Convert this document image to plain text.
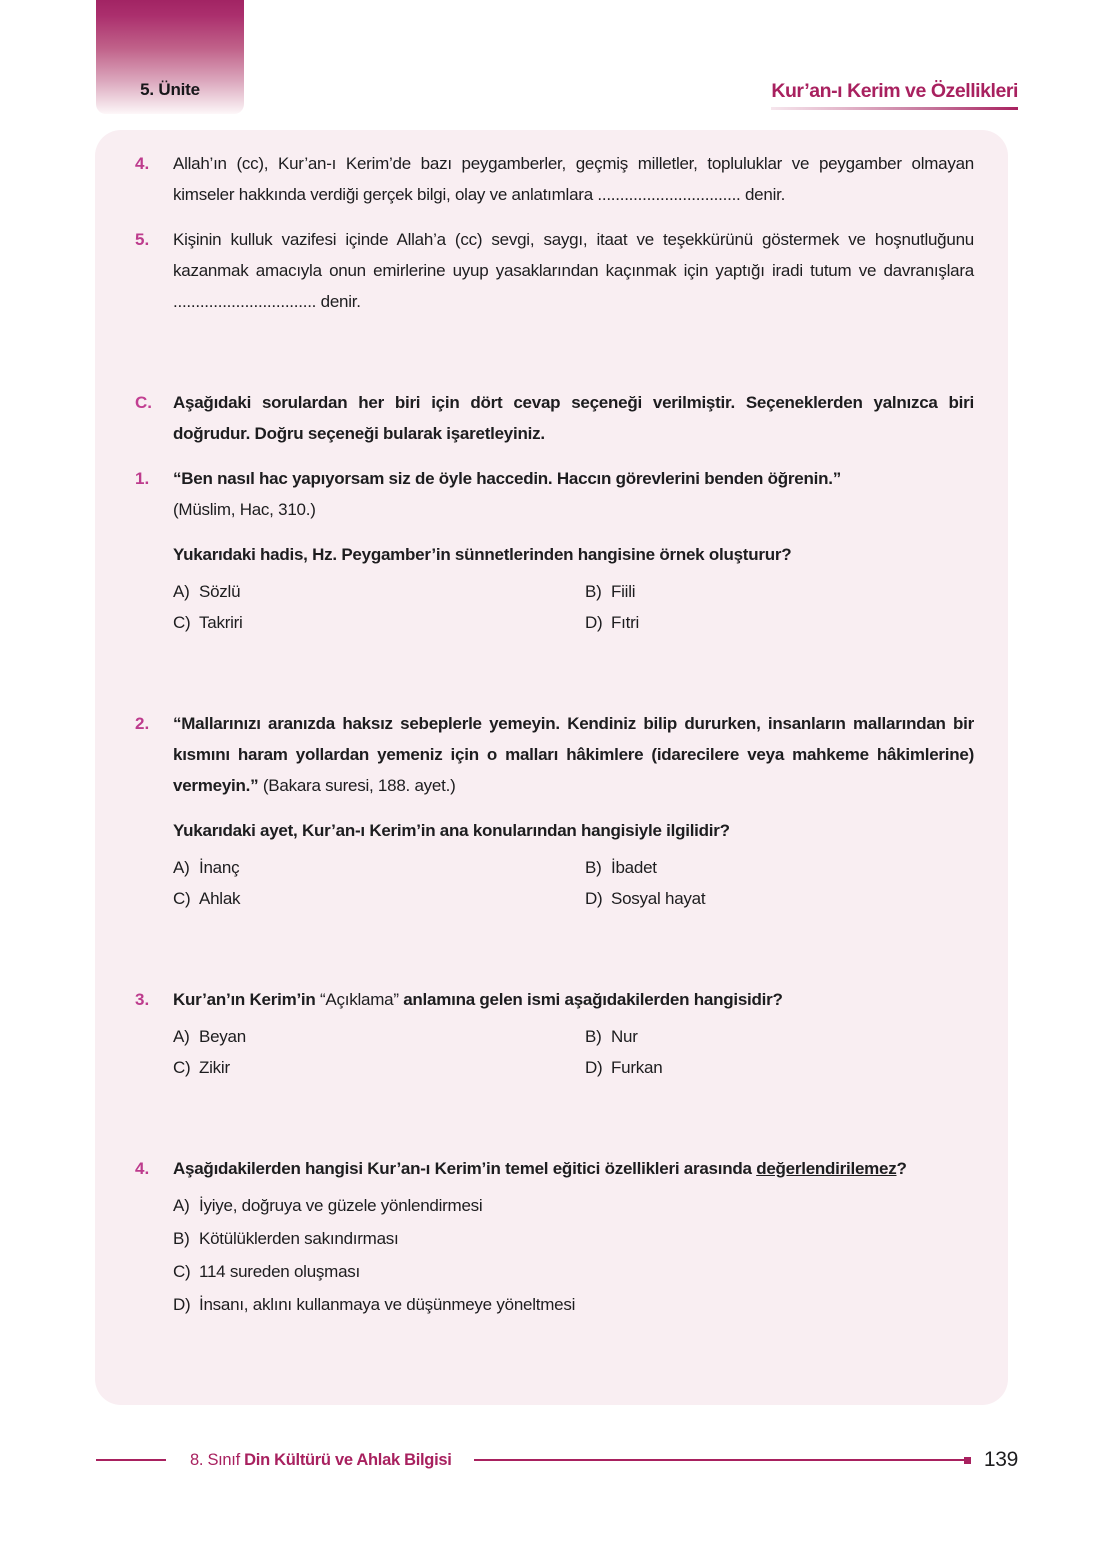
5. Ünite	Kur’an-ı Kerim ve Özellikleri
4.	Allah’ın (cc), Kur’an-ı Kerim’de bazı peygamberler, geçmiş milletler, topluluklar ve peygamber olmayan kimseler hakkında verdiği gerçek bilgi, olay ve anlatımlara ................................ denir.
5.	Kişinin kulluk vazifesi içinde Allah’a (cc) sevgi, saygı, itaat ve teşekkürünü göstermek ve hoşnutluğunu kazanmak amacıyla onun emirlerine uyup yasaklarından kaçınmak için yaptığı iradi tutum ve davranışlara ................................ denir.
C.	Aşağıdaki sorulardan her biri için dört cevap seçeneği verilmiştir. Seçeneklerden yalnızca biri doğrudur. Doğru seçeneği bularak işaretleyiniz.
1.	“Ben nasıl hac yapıyorsam siz de öyle haccedin. Haccın görevlerini benden öğrenin.”
(Müslim, Hac, 310.)
Yukarıdaki hadis, Hz. Peygamber’in sünnetlerinden hangisine örnek oluşturur?
A) Sözlü	B) Fiili
C) Takriri	D) Fıtri
2.	“Mallarınızı aranızda haksız sebeplerle yemeyin. Kendiniz bilip dururken, insanların mallarından bir kısmını haram yollardan yemeniz için o malları hâkimlere (idarecilere veya mahkeme hâkimlerine) vermeyin.” (Bakara suresi, 188. ayet.)
Yukarıdaki ayet, Kur’an-ı Kerim’in ana konularından hangisiyle ilgilidir?
A) İnanç	B) İbadet
C) Ahlak	D) Sosyal hayat
3.	Kur’an’ın Kerim’in “Açıklama” anlamına gelen ismi aşağıdakilerden hangisidir?
A) Beyan	B) Nur
C) Zikir	D) Furkan
4.	Aşağıdakilerden hangisi Kur’an-ı Kerim’in temel eğitici özellikleri arasında değerlendirilemez?
A) İyiye, doğruya ve güzele yönlendirmesi
B) Kötülüklerden sakındırması
C) 114 sureden oluşması
D) İnsanı, aklını kullanmaya ve düşünmeye yöneltmesi
8. Sınıf Din Kültürü ve Ahlak Bilgisi	139
